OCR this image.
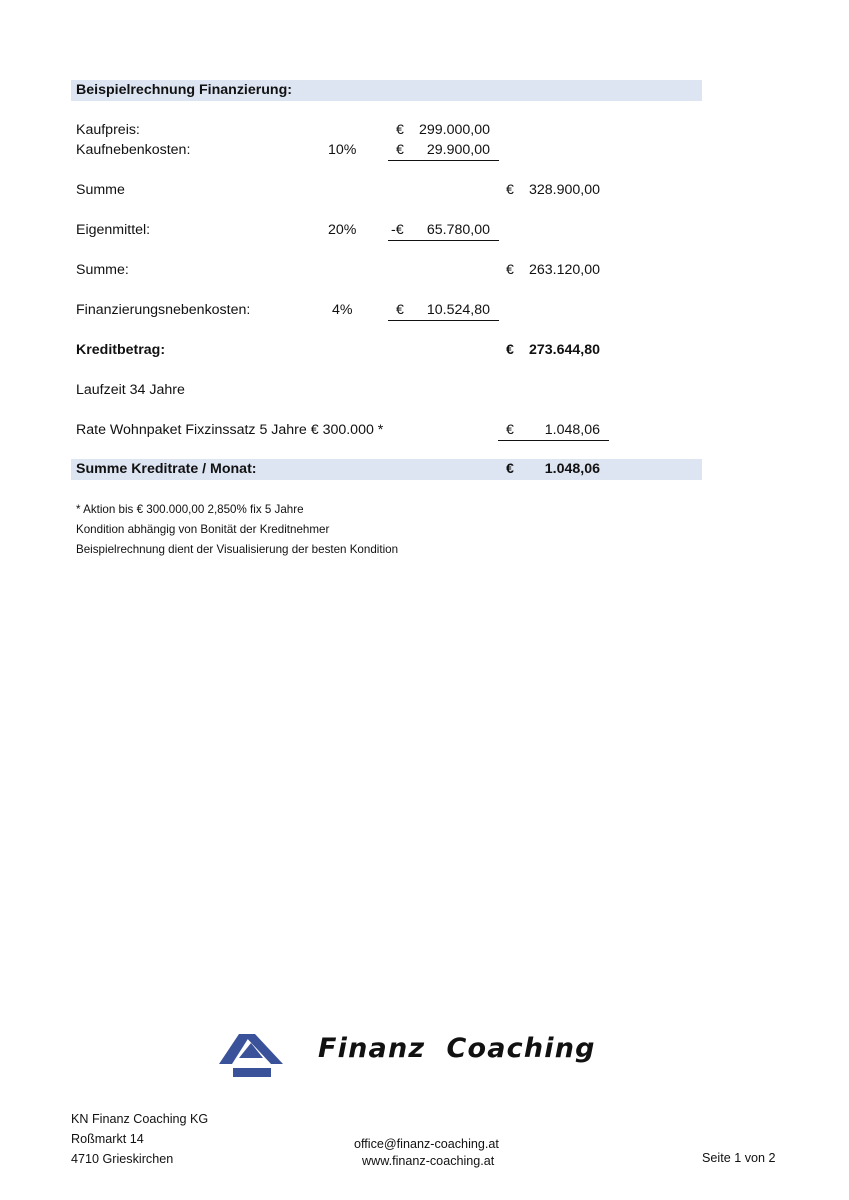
Beispielrechnung Finanzierung:
Kaufpreis:	€	299.000,00
Kaufnebenkosten:	10%	€	29.900,00
Summe	€	328.900,00
Eigenmittel:	20% -€	65.780,00
Summe:	€	263.120,00
Finanzierungsnebenkosten:	4%	€	10.524,80
Kreditbetrag:	€	273.644,80
Laufzeit 34 Jahre
Rate Wohnpaket Fixzinssatz 5 Jahre € 300.000 *	€	1.048,06
Summe Kreditrate / Monat:	€	1.048,06
* Aktion bis € 300.000,00 2,850% fix 5 Jahre
Kondition abhängig von Bonität der Kreditnehmer
Beispielrechnung dient der Visualisierung der besten Kondition
Finanz  Coaching
KN Finanz Coaching KG
Roßmarkt 14
4710 Grieskirchen
office@finanz-coaching.at
www.finanz-coaching.at	Seite 1 von 2
